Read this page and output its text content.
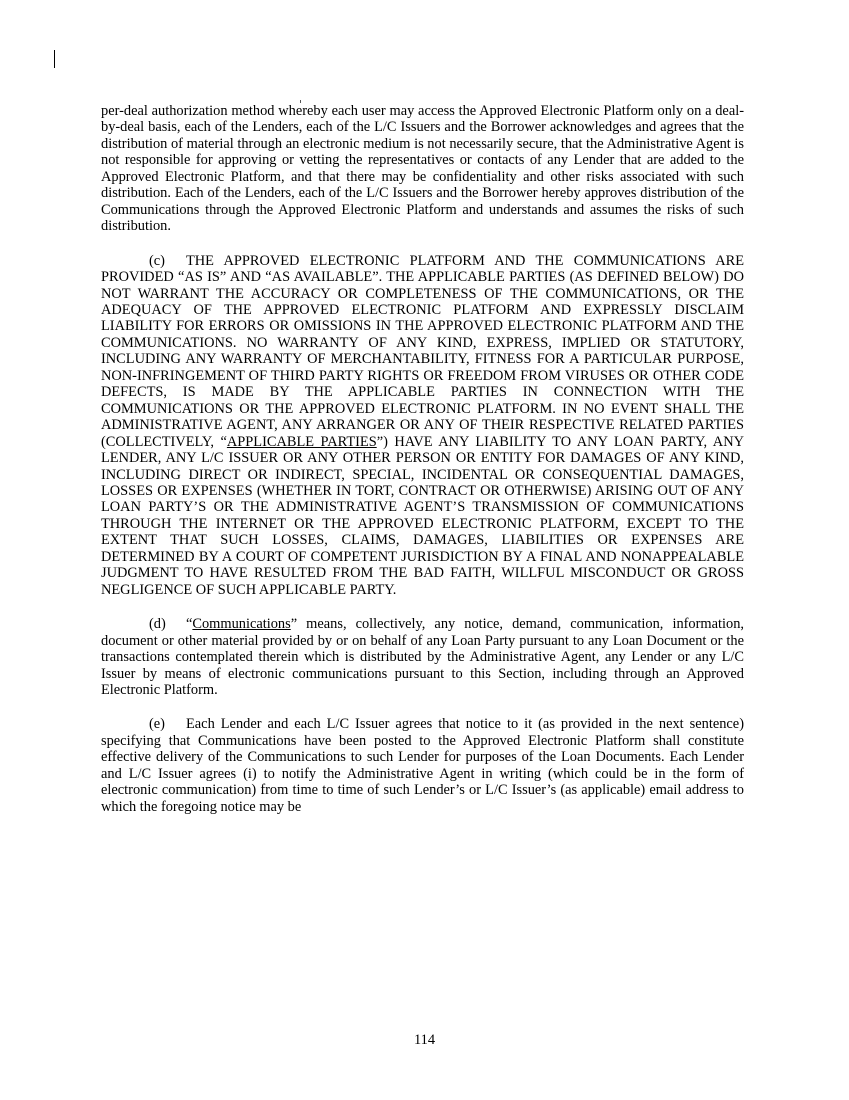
per-deal authorization method whereby each user may access the Approved Electronic Platform only on a deal-by-deal basis, each of the Lenders, each of the L/C Issuers and the Borrower acknowledges and agrees that the distribution of material through an electronic medium is not necessarily secure, that the Administrative Agent is not responsible for approving or vetting the representatives or contacts of any Lender that are added to the Approved Electronic Platform, and that there may be confidentiality and other risks associated with such distribution. Each of the Lenders, each of the L/C Issuers and the Borrower hereby approves distribution of the Communications through the Approved Electronic Platform and understands and assumes the risks of such distribution.

(c) THE APPROVED ELECTRONIC PLATFORM AND THE COMMUNICATIONS ARE PROVIDED “AS IS” AND “AS AVAILABLE”. THE APPLICABLE PARTIES (AS DEFINED BELOW) DO NOT WARRANT THE ACCURACY OR COMPLETENESS OF THE COMMUNICATIONS, OR THE ADEQUACY OF THE APPROVED ELECTRONIC PLATFORM AND EXPRESSLY DISCLAIM LIABILITY FOR ERRORS OR OMISSIONS IN THE APPROVED ELECTRONIC PLATFORM AND THE COMMUNICATIONS. NO WARRANTY OF ANY KIND, EXPRESS, IMPLIED OR STATUTORY, INCLUDING ANY WARRANTY OF MERCHANTABILITY, FITNESS FOR A PARTICULAR PURPOSE, NON-INFRINGEMENT OF THIRD PARTY RIGHTS OR FREEDOM FROM VIRUSES OR OTHER CODE DEFECTS, IS MADE BY THE APPLICABLE PARTIES IN CONNECTION WITH THE COMMUNICATIONS OR THE APPROVED ELECTRONIC PLATFORM. IN NO EVENT SHALL THE ADMINISTRATIVE AGENT, ANY ARRANGER OR ANY OF THEIR RESPECTIVE RELATED PARTIES (COLLECTIVELY, “APPLICABLE PARTIES”) HAVE ANY LIABILITY TO ANY LOAN PARTY, ANY LENDER, ANY L/C ISSUER OR ANY OTHER PERSON OR ENTITY FOR DAMAGES OF ANY KIND, INCLUDING DIRECT OR INDIRECT, SPECIAL, INCIDENTAL OR CONSEQUENTIAL DAMAGES, LOSSES OR EXPENSES (WHETHER IN TORT, CONTRACT OR OTHERWISE) ARISING OUT OF ANY LOAN PARTY’S OR THE ADMINISTRATIVE AGENT’S TRANSMISSION OF COMMUNICATIONS THROUGH THE INTERNET OR THE APPROVED ELECTRONIC PLATFORM, EXCEPT TO THE EXTENT THAT SUCH LOSSES, CLAIMS, DAMAGES, LIABILITIES OR EXPENSES ARE DETERMINED BY A COURT OF COMPETENT JURISDICTION BY A FINAL AND NONAPPEALABLE JUDGMENT TO HAVE RESULTED FROM THE BAD FAITH, WILLFUL MISCONDUCT OR GROSS NEGLIGENCE OF SUCH APPLICABLE PARTY.

(d) “Communications” means, collectively, any notice, demand, communication, information, document or other material provided by or on behalf of any Loan Party pursuant to any Loan Document or the transactions contemplated therein which is distributed by the Administrative Agent, any Lender or any L/C Issuer by means of electronic communications pursuant to this Section, including through an Approved Electronic Platform.

(e) Each Lender and each L/C Issuer agrees that notice to it (as provided in the next sentence) specifying that Communications have been posted to the Approved Electronic Platform shall constitute effective delivery of the Communications to such Lender for purposes of the Loan Documents. Each Lender and L/C Issuer agrees (i) to notify the Administrative Agent in writing (which could be in the form of electronic communication) from time to time of such Lender’s or L/C Issuer’s (as applicable) email address to which the foregoing notice may be

114
